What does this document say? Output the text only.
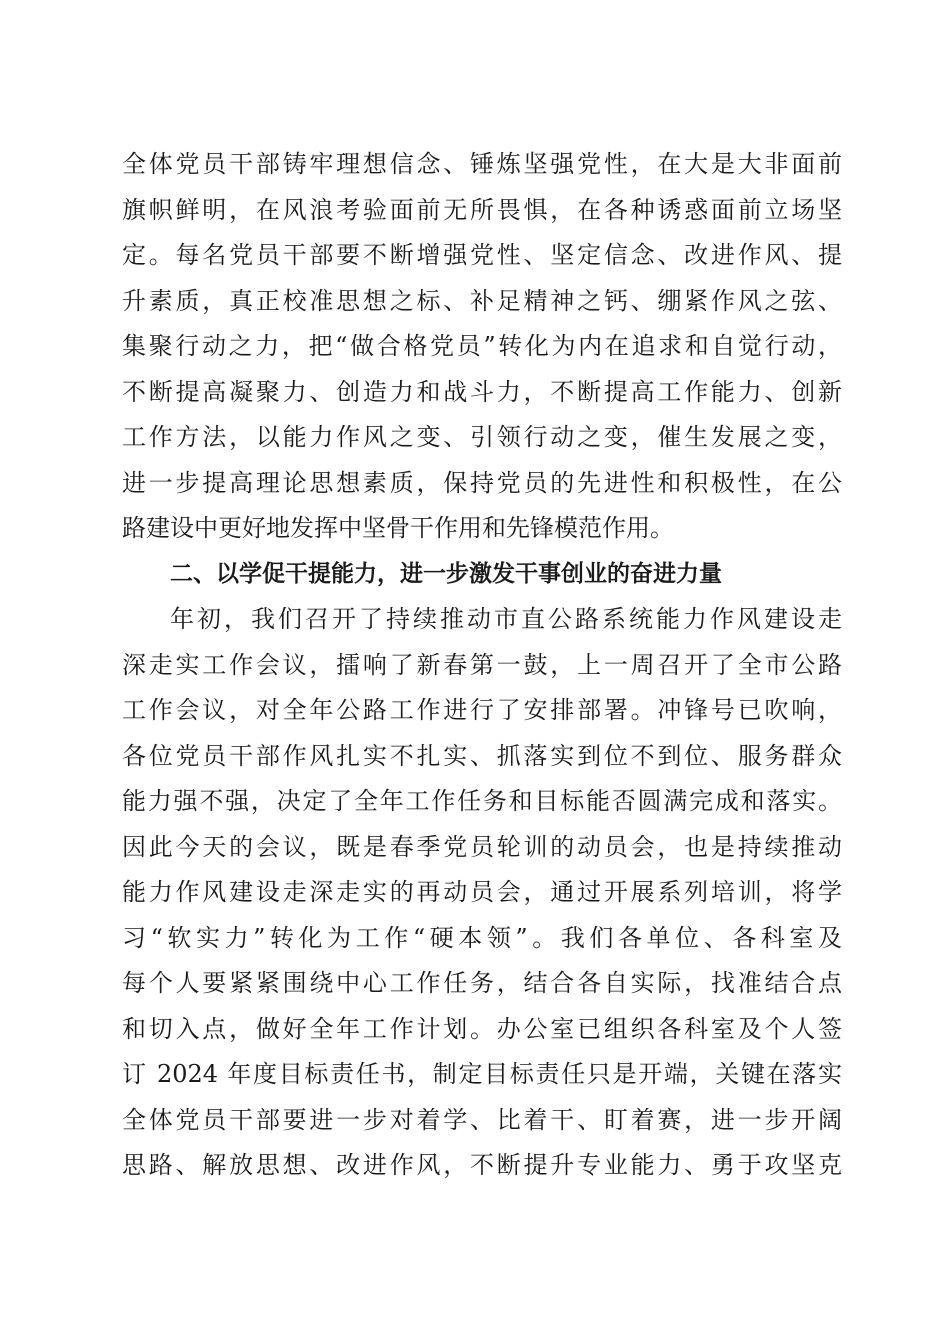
全体党员干部铸牢理想信念、锤炼坚强党性，在大是大非面前
旗帜鲜明，在风浪考验面前无所畏惧，在各种诱惑面前立场坚
定。每名党员干部要不断增强党性、坚定信念、改进作风、提
升素质，真正校准思想之标、补足精神之钙、绷紧作风之弦、
集聚行动之力，把“做合格党员”转化为内在追求和自觉行动，
不断提高凝聚力、创造力和战斗力，不断提高工作能力、创新
工作方法，以能力作风之变、引领行动之变，催生发展之变，
进一步提高理论思想素质，保持党员的先进性和积极性，在公
路建设中更好地发挥中坚骨干作用和先锋模范作用。
二、以学促干提能力，进一步激发干事创业的奋进力量
年初，我们召开了持续推动市直公路系统能力作风建设走
深走实工作会议，擂响了新春第一鼓，上一周召开了全市公路
工作会议，对全年公路工作进行了安排部署。冲锋号已吹响，
各位党员干部作风扎实不扎实、抓落实到位不到位、服务群众
能力强不强，决定了全年工作任务和目标能否圆满完成和落实。
因此今天的会议，既是春季党员轮训的动员会，也是持续推动
能力作风建设走深走实的再动员会，通过开展系列培训，将学
习“软实力”转化为工作“硬本领”。我们各单位、各科室及
每个人要紧紧围绕中心工作任务，结合各自实际，找准结合点
和切入点，做好全年工作计划。办公室已组织各科室及个人签
订 2024 年度目标责任书，制定目标责任只是开端，关键在落实
全体党员干部要进一步对着学、比着干、盯着赛，进一步开阔
思路、解放思想、改进作风，不断提升专业能力、勇于攻坚克
